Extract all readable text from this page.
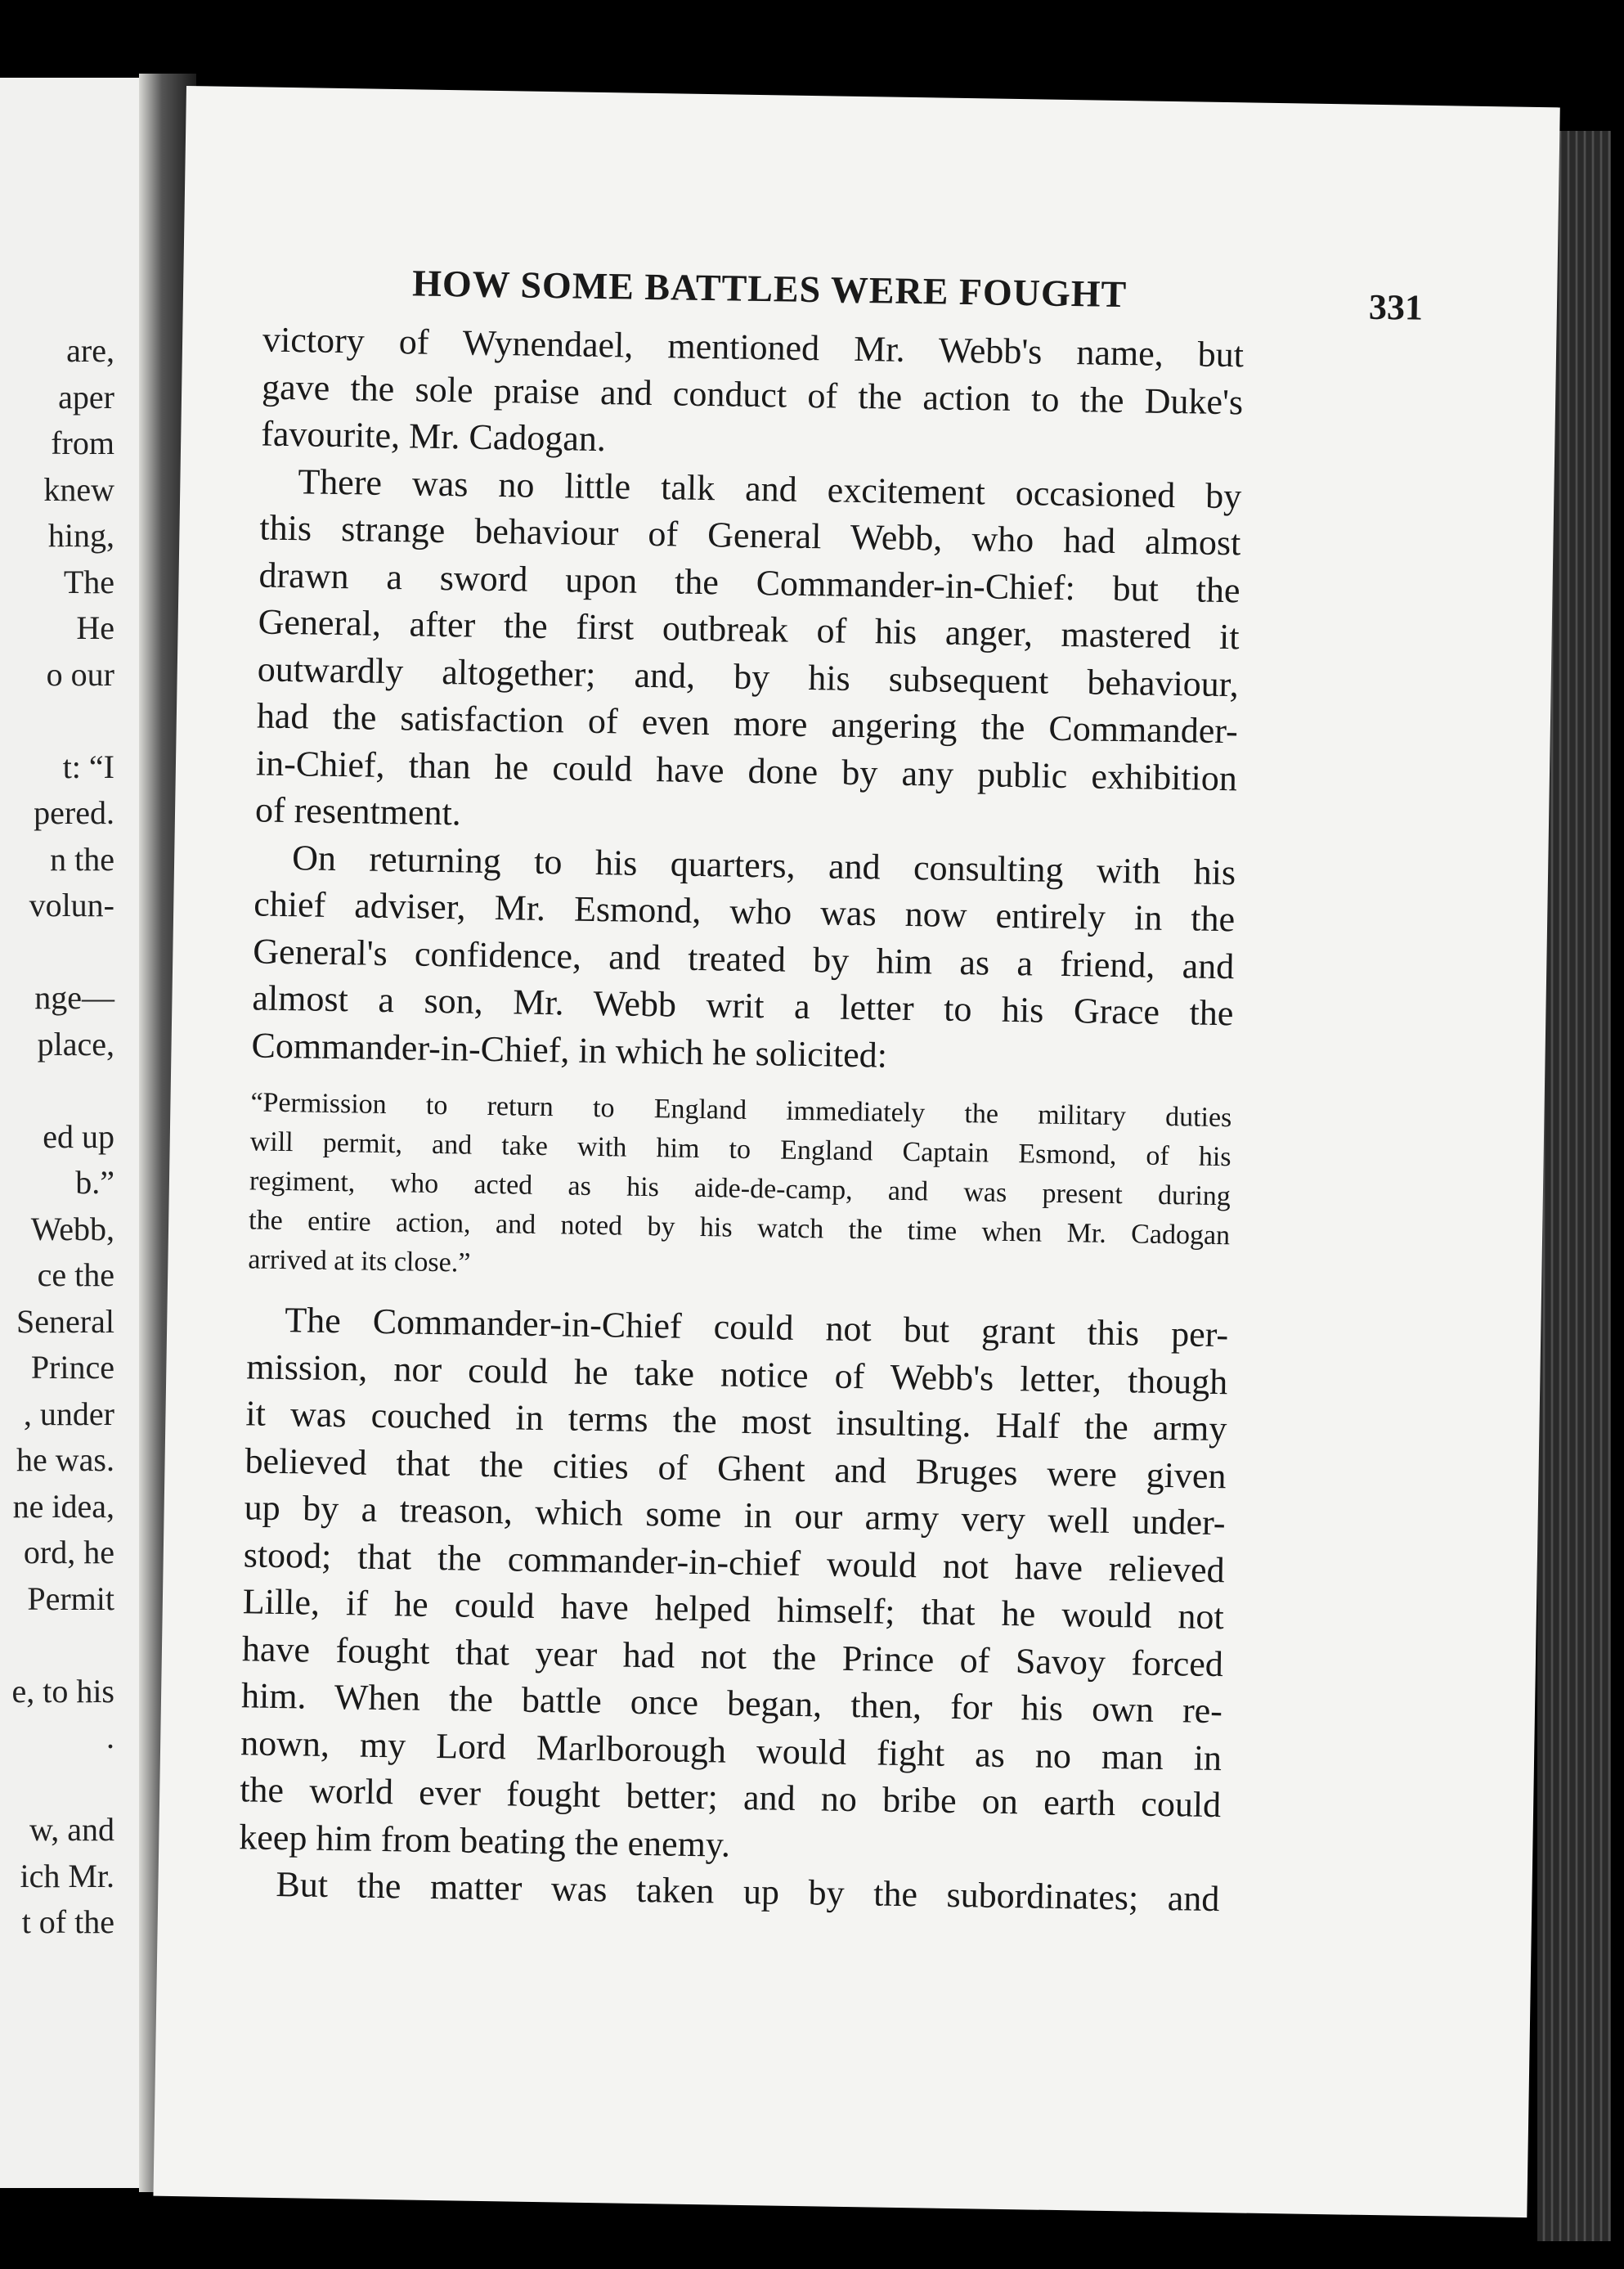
are,
aper
from
knew
hing,
The
He
o our
t: “I
pered.
n the
volun-
nge—
place,
ed up
b.”
Webb,
ce the
Seneral
Prince
, under
he was.
ne idea,
ord, he
Permit
e, to his
.
w, and
ich Mr.
t of the
HOW SOME BATTLES WERE FOUGHT	331
victory of Wynendael, mentioned Mr. Webb's name, but
gave the sole praise and conduct of the action to the Duke's
favourite, Mr. Cadogan.
There was no little talk and excitement occasioned by
this strange behaviour of General Webb, who had almost
drawn a sword upon the Commander-in-Chief: but the
General, after the first outbreak of his anger, mastered it
outwardly altogether; and, by his subsequent behaviour,
had the satisfaction of even more angering the Commander-
in-Chief, than he could have done by any public exhibition
of resentment.
On returning to his quarters, and consulting with his
chief adviser, Mr. Esmond, who was now entirely in the
General's confidence, and treated by him as a friend, and
almost a son, Mr. Webb writ a letter to his Grace the
Commander-in-Chief, in which he solicited:
“Permission to return to England immediately the military duties
will permit, and take with him to England Captain Esmond, of his
regiment, who acted as his aide-de-camp, and was present during
the entire action, and noted by his watch the time when Mr. Cadogan
arrived at its close.”
The Commander-in-Chief could not but grant this per-
mission, nor could he take notice of Webb's letter, though
it was couched in terms the most insulting. Half the army
believed that the cities of Ghent and Bruges were given
up by a treason, which some in our army very well under-
stood; that the commander-in-chief would not have relieved
Lille, if he could have helped himself; that he would not
have fought that year had not the Prince of Savoy forced
him. When the battle once began, then, for his own re-
nown, my Lord Marlborough would fight as no man in
the world ever fought better; and no bribe on earth could
keep him from beating the enemy.
But the matter was taken up by the subordinates; and
